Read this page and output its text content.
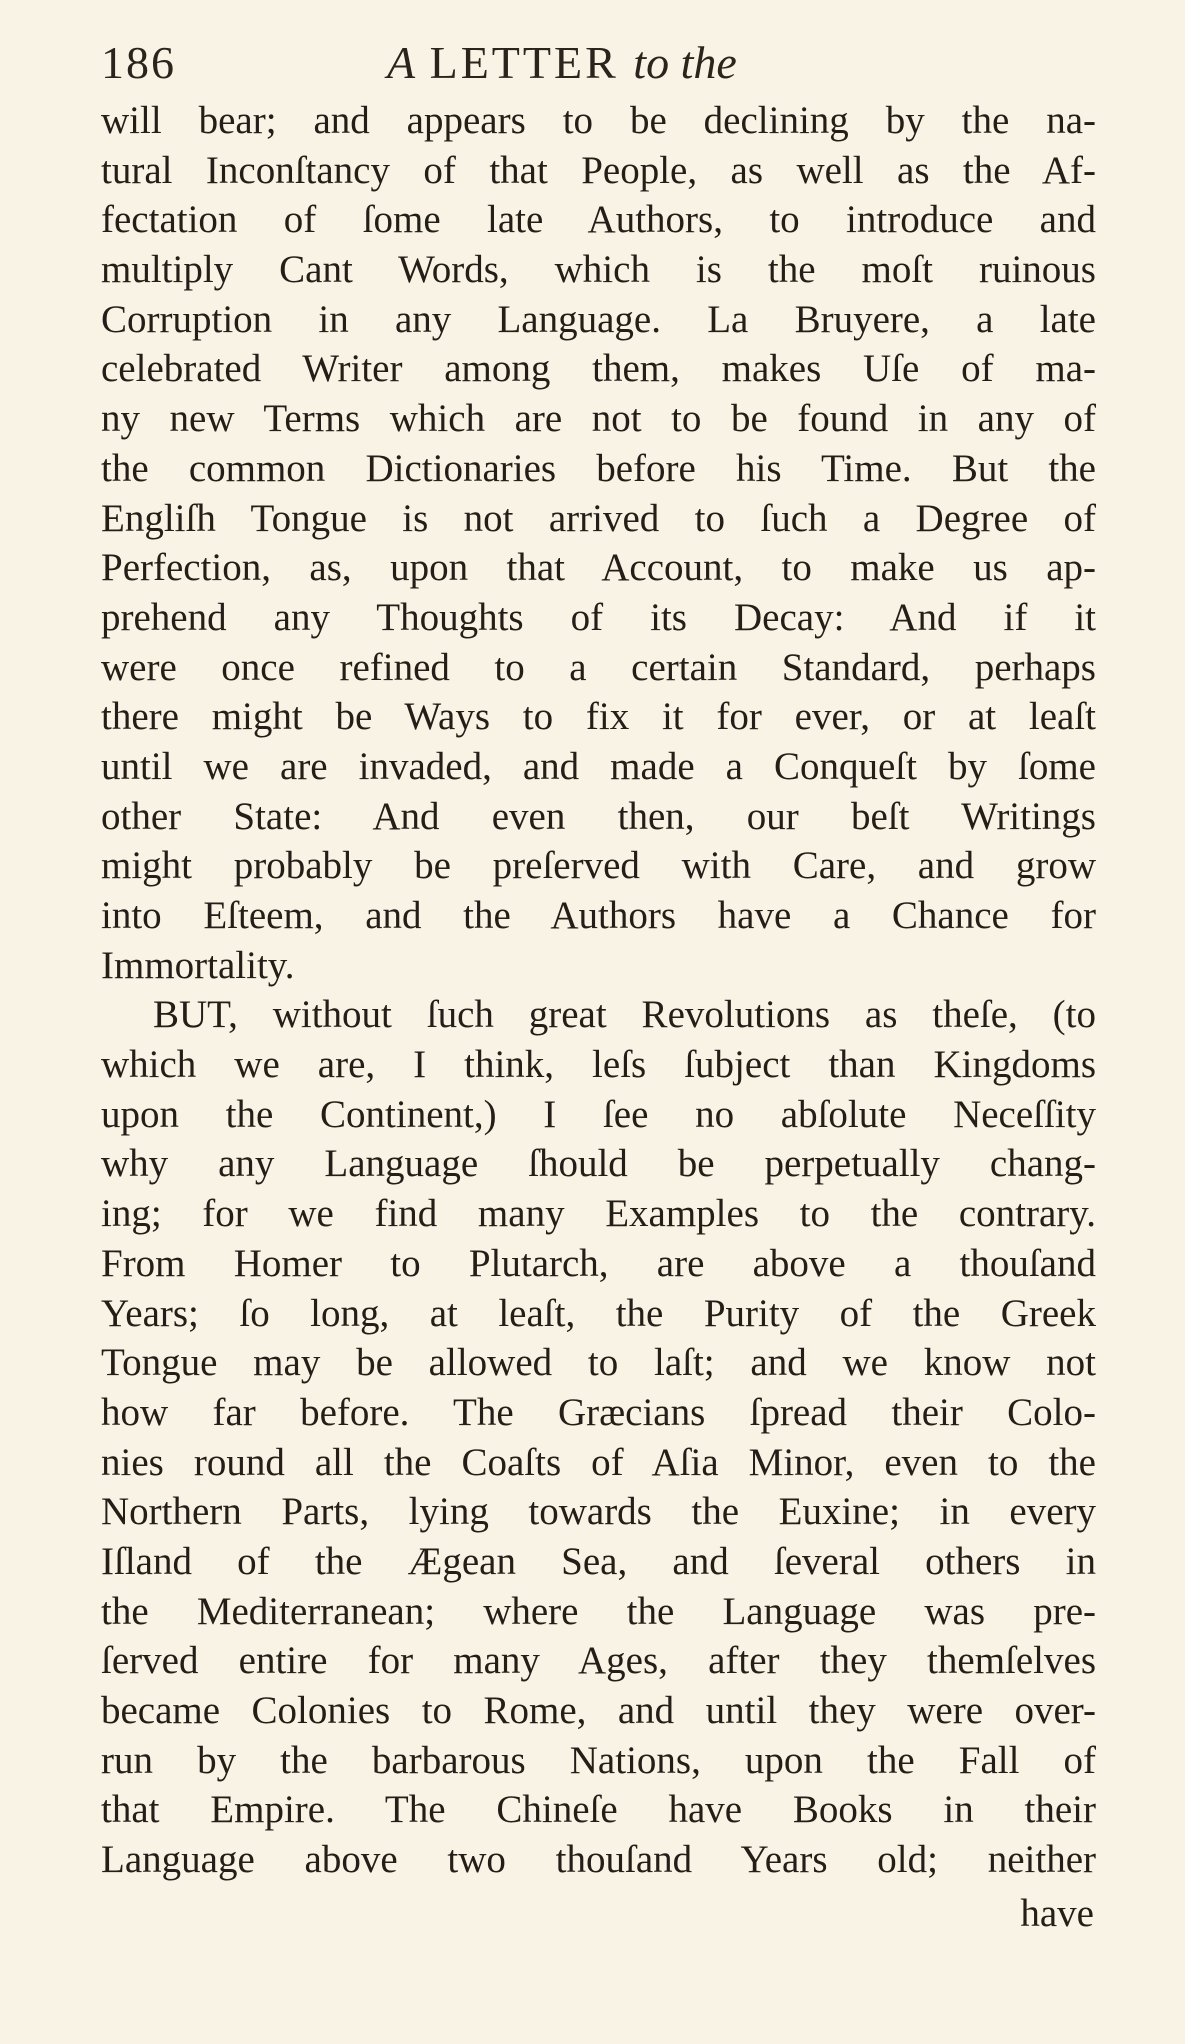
186	A LETTER to the
will bear; and appears to be declining by the na-
tural Inconſtancy of that People, as well as the Af-
fectation of ſome late Authors, to introduce and
multiply Cant Words, which is the moſt ruinous
Corruption in any Language. La Bruyere, a late
celebrated Writer among them, makes Uſe of ma-
ny new Terms which are not to be found in any of
the common Dictionaries before his Time. But the
Engliſh Tongue is not arrived to ſuch a Degree of
Perfection, as, upon that Account, to make us ap-
prehend any Thoughts of its Decay: And if it
were once refined to a certain Standard, perhaps
there might be Ways to fix it for ever, or at leaſt
until we are invaded, and made a Conqueſt by ſome
other State: And even then, our beſt Writings
might probably be preſerved with Care, and grow
into Eſteem, and the Authors have a Chance for
Immortality.
BUT, without ſuch great Revolutions as theſe, (to
which we are, I think, leſs ſubject than Kingdoms
upon the Continent,) I ſee no abſolute Neceſſity
why any Language ſhould be perpetually chang-
ing; for we find many Examples to the contrary.
From Homer to Plutarch, are above a thouſand
Years; ſo long, at leaſt, the Purity of the Greek
Tongue may be allowed to laſt; and we know not
how far before. The Græcians ſpread their Colo-
nies round all the Coaſts of Aſia Minor, even to the
Northern Parts, lying towards the Euxine; in every
Iſland of the Ægean Sea, and ſeveral others in
the Mediterranean; where the Language was pre-
ſerved entire for many Ages, after they themſelves
became Colonies to Rome, and until they were over-
run by the barbarous Nations, upon the Fall of
that Empire. The Chineſe have Books in their
Language above two thouſand Years old; neither
have
